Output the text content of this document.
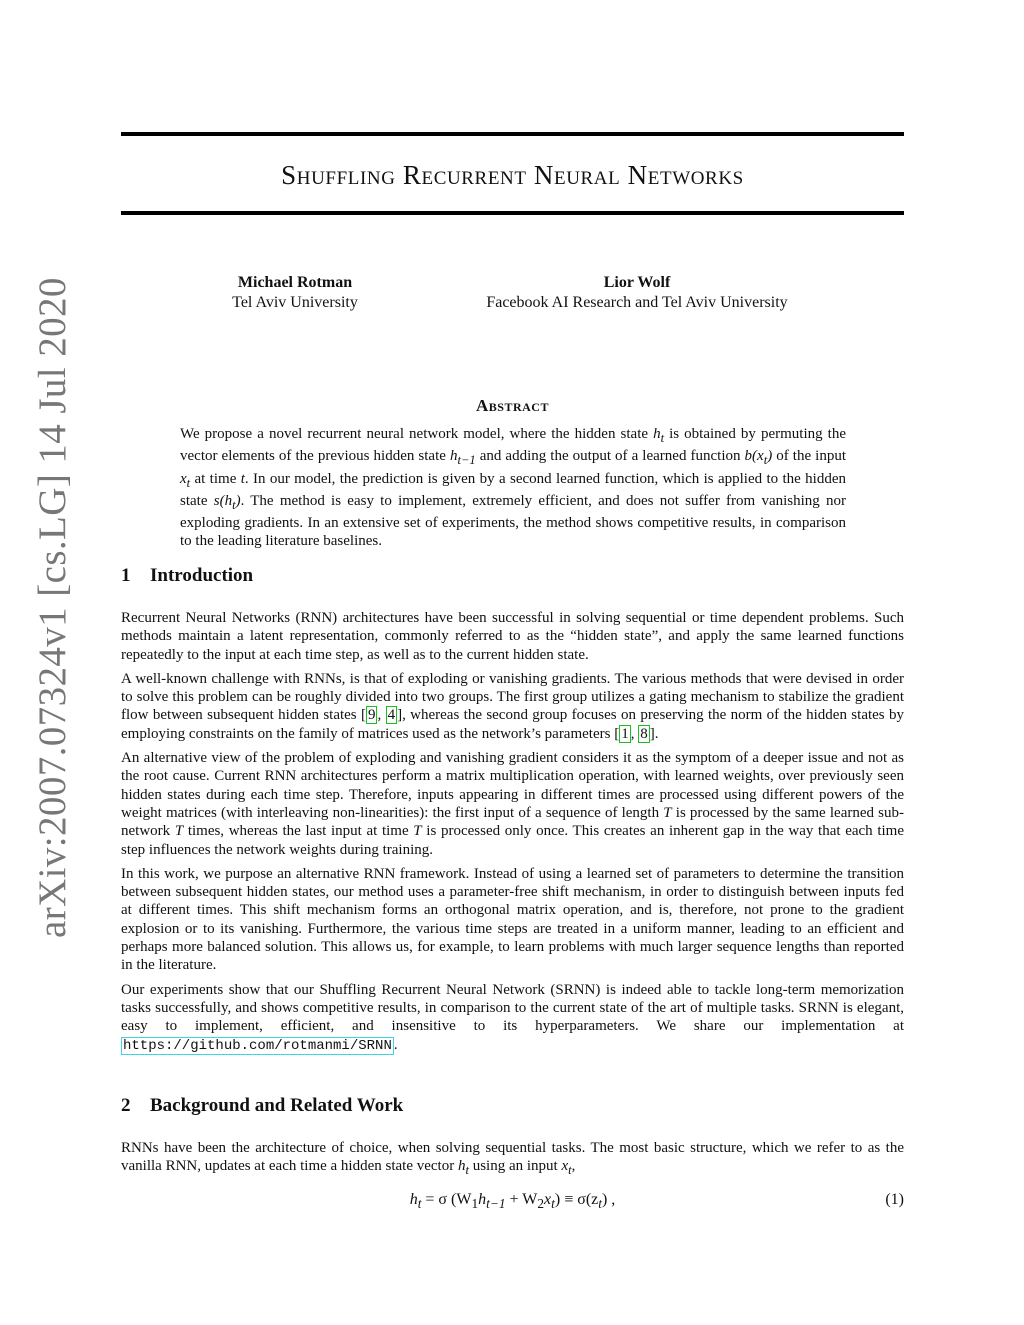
arXiv:2007.07324v1 [cs.LG] 14 Jul 2020
Shuffling Recurrent Neural Networks
Michael Rotman
Tel Aviv University
Lior Wolf
Facebook AI Research and Tel Aviv University
Abstract
We propose a novel recurrent neural network model, where the hidden state $h_t$ is obtained by permuting the vector elements of the previous hidden state $h_{t-1}$ and adding the output of a learned function $b(x_t)$ of the input $x_t$ at time t. In our model, the prediction is given by a second learned function, which is applied to the hidden state $s(h_t)$. The method is easy to implement, extremely efficient, and does not suffer from vanishing nor exploding gradients. In an extensive set of experiments, the method shows competitive results, in comparison to the leading literature baselines.
1 Introduction

Recurrent Neural Networks (RNN) architectures have been successful in solving sequential or time dependent problems. Such methods maintain a latent representation, commonly referred to as the “hidden state”, and apply the same learned functions repeatedly to the input at each time step, as well as to the current hidden state.

A well-known challenge with RNNs, is that of exploding or vanishing gradients. The various methods that were devised in order to solve this problem can be roughly divided into two groups. The first group utilizes a gating mechanism to stabilize the gradient flow between subsequent hidden states [ 9 , 4 ], whereas the second group focuses on preserving the norm of the hidden states by employing constraints on the family of matrices used as the network’s parameters [ 1 , 8 ].

An alternative view of the problem of exploding and vanishing gradient considers it as the symptom of a deeper issue and not as the root cause. Current RNN architectures perform a matrix multiplication operation, with learned weights, over previously seen hidden states during each time step. Therefore, inputs appearing in different times are processed using different powers of the weight matrices (with interleaving non-linearities): the first input of a sequence of length T is processed by the same learned sub-network T times, whereas the last input at time T is processed only once. This creates an inherent gap in the way that each time step influences the network weights during training.

In this work, we purpose an alternative RNN framework. Instead of using a learned set of parameters to determine the transition between subsequent hidden states, our method uses a parameter-free shift mechanism, in order to distinguish between inputs fed at different times. This shift mechanism forms an orthogonal matrix operation, and is, therefore, not prone to the gradient explosion or to its vanishing. Furthermore, the various time steps are treated in a uniform manner, leading to an efficient and perhaps more balanced solution. This allows us, for example, to learn problems with much larger sequence lengths than reported in the literature.

Our experiments show that our Shuffling Recurrent Neural Network (SRNN) is indeed able to tackle long-term memorization tasks successfully, and shows competitive results, in comparison to the current state of the art of multiple tasks. SRNN is elegant, easy to implement, efficient, and insensitive to its hyperparameters. We share our implementation at https://github.com/rotmanmi/SRNN .

2 Background and Related Work

RNNs have been the architecture of choice, when solving sequential tasks. The most basic structure, which we refer to as the vanilla RNN, updates at each time a hidden state vector $h_t$ using an input $x_t$,

$h_t = \sigma$ $(W_1h_{t-1} + W_2x_t) \equiv \sigma(z_t)$ ,	(1)
